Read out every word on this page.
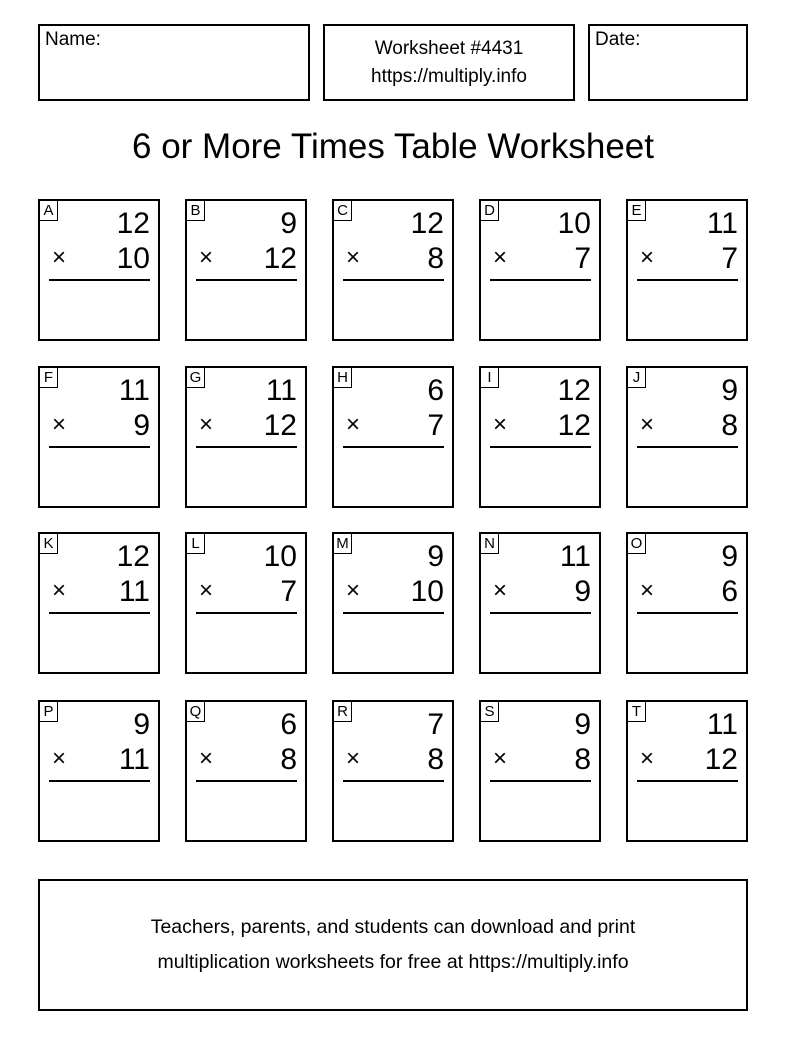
Name:	Worksheet #4431
https://multiply.info
Date:
6 or More Times Table Worksheet
A 12
× 10
B	9
× 12
C 12
× 8
D 10
× 7
E 11
× 7
F 11
× 9
G 11
× 12
H	6
× 7
I 12
× 12
J	9
× 8
K 12
× 11
L 10
× 7
M	9
× 10
N 11
× 9
O	9
× 6
P	9
× 11
Q	6
× 8
R	7
× 8
S	9
× 8
T 11
× 12
Teachers, parents, and students can download and print
multiplication worksheets for free at https://multiply.info
